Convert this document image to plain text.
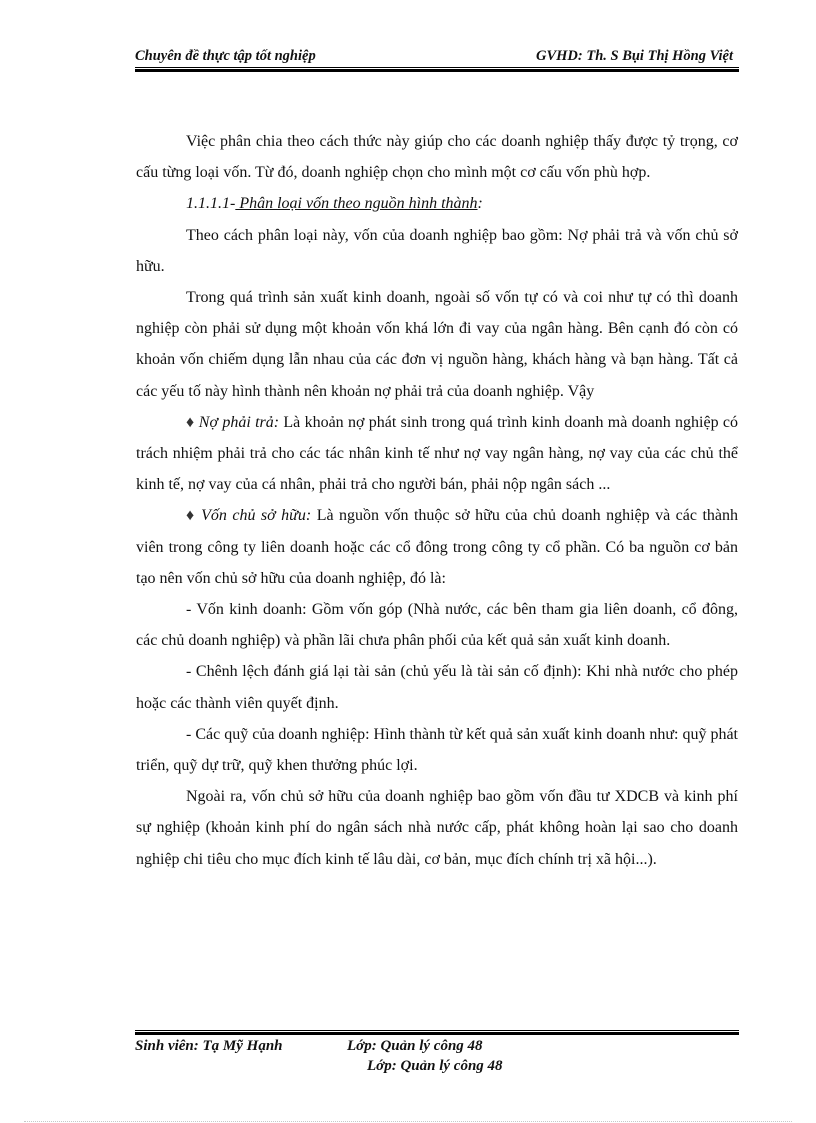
Chuyên đề thực tập tốt nghiệp	GVHD: Th. S Bụi Thị Hồng Việt

Việc phân chia theo cách thức này giúp cho các doanh nghiệp thấy được tỷ trọng, cơ cấu từng loại vốn. Từ đó, doanh nghiệp chọn cho mình một cơ cấu vốn phù hợp.

1.1.1.1- Phân loại vốn theo nguồn hình thành:

Theo cách phân loại này, vốn của doanh nghiệp bao gồm: Nợ phải trả và vốn chủ sở hữu.

Trong quá trình sản xuất kinh doanh, ngoài số vốn tự có và coi như tự có thì doanh nghiệp còn phải sử dụng một khoản vốn khá lớn đi vay của ngân hàng. Bên cạnh đó còn có khoản vốn chiếm dụng lẫn nhau của các đơn vị nguồn hàng, khách hàng và bạn hàng. Tất cả các yếu tố này hình thành nên khoản nợ phải trả của doanh nghiệp. Vậy

♦ Nợ phải trả: Là khoản nợ phát sinh trong quá trình kinh doanh mà doanh nghiệp có trách nhiệm phải trả cho các tác nhân kinh tế như nợ vay ngân hàng, nợ vay của các chủ thể kinh tế, nợ vay của cá nhân, phải trả cho người bán, phải nộp ngân sách ...

♦ Vốn chủ sở hữu: Là nguồn vốn thuộc sở hữu của chủ doanh nghiệp và các thành viên trong công ty liên doanh hoặc các cổ đông trong công ty cổ phần. Có ba nguồn cơ bản tạo nên vốn chủ sở hữu của doanh nghiệp, đó là:

- Vốn kinh doanh: Gồm vốn góp (Nhà nước, các bên tham gia liên doanh, cổ đông, các chủ doanh nghiệp) và phần lãi chưa phân phối của kết quả sản xuất kinh doanh.

- Chênh lệch đánh giá lại tài sản (chủ yếu là tài sản cố định): Khi nhà nước cho phép hoặc các thành viên quyết định.

- Các quỹ của doanh nghiệp: Hình thành từ kết quả sản xuất kinh doanh như: quỹ phát triển, quỹ dự trữ, quỹ khen thưởng phúc lợi.

Ngoài ra, vốn chủ sở hữu của doanh nghiệp bao gồm vốn đầu tư XDCB và kinh phí sự nghiệp (khoản kinh phí do ngân sách nhà nước cấp, phát không hoàn lại sao cho doanh nghiệp chi tiêu cho mục đích kinh tế lâu dài, cơ bản, mục đích chính trị xã hội...).

Sinh viên: Tạ Mỹ Hạnh	Lớp: Quản lý công 48
Lớp: Quản lý công 48
